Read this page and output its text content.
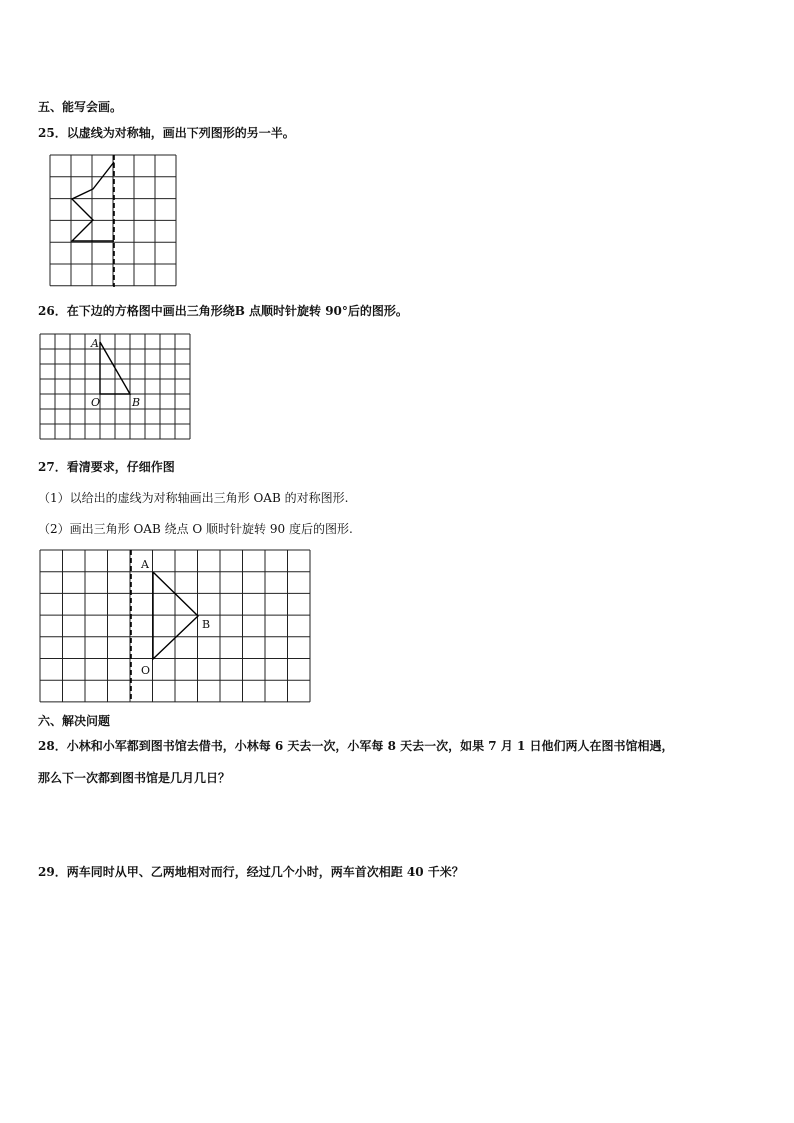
五、能写会画。
25．以虚线为对称轴，画出下列图形的另一半。
26．在下边的方格图中画出三角形绕B 点顺时针旋转 90°后的图形。
A
O	B
27．看清要求，仔细作图
（1）以给出的虚线为对称轴画出三角形 OAB 的对称图形.
（2）画出三角形 OAB 绕点 O 顺时针旋转 90 度后的图形.
A
B
O
六、解决问题
28．小林和小军都到图书馆去借书，小林每 6 天去一次，小军每 8 天去一次，如果 7 月 1 日他们两人在图书馆相遇，
那么下一次都到图书馆是几月几日？
29．两车同时从甲、乙两地相对而行，经过几个小时，两车首次相距 40 千米？
